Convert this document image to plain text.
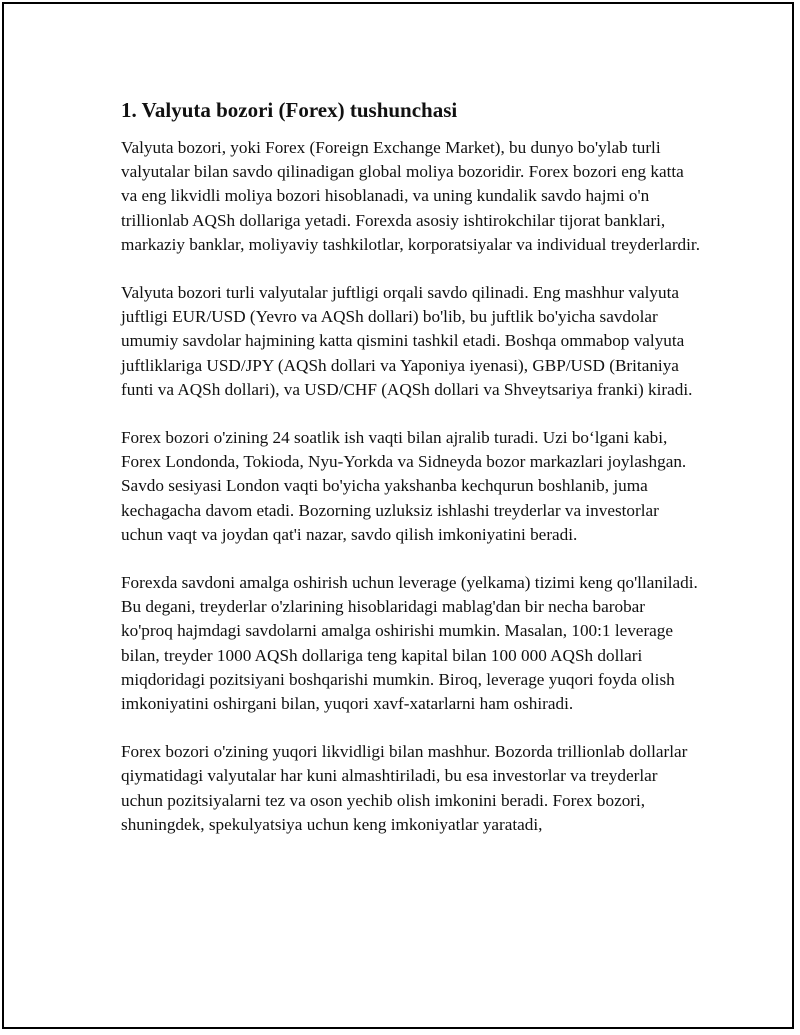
1. Valyuta bozori (Forex) tushunchasi

Valyuta bozori, yoki Forex (Foreign Exchange Market), bu dunyo bo'ylab turli valyutalar bilan savdo qilinadigan global moliya bozoridir. Forex bozori eng katta va eng likvidli moliya bozori hisoblanadi, va uning kundalik savdo hajmi o'n trillionlab AQSh dollariga yetadi. Forexda asosiy ishtirokchilar tijorat banklari, markaziy banklar, moliyaviy tashkilotlar, korporatsiyalar va individual treyderlardir.

Valyuta bozori turli valyutalar juftligi orqali savdo qilinadi. Eng mashhur valyuta juftligi EUR/USD (Yevro va AQSh dollari) bo'lib, bu juftlik bo'yicha savdolar umumiy savdolar hajmining katta qismini tashkil etadi. Boshqa ommabop valyuta juftliklariga USD/JPY (AQSh dollari va Yaponiya iyenasi), GBP/USD (Britaniya funti va AQSh dollari), va USD/CHF (AQSh dollari va Shveytsariya franki) kiradi.

Forex bozori o'zining 24 soatlik ish vaqti bilan ajralib turadi. Uzi bo‘lgani kabi, Forex Londonda, Tokioda, Nyu-Yorkda va Sidneyda bozor markazlari joylashgan. Savdo sesiyasi London vaqti bo'yicha yakshanba kechqurun boshlanib, juma kechagacha davom etadi. Bozorning uzluksiz ishlashi treyderlar va investorlar uchun vaqt va joydan qat'i nazar, savdo qilish imkoniyatini beradi.

Forexda savdoni amalga oshirish uchun leverage (yelkama) tizimi keng qo'llaniladi. Bu degani, treyderlar o'zlarining hisoblaridagi mablag'dan bir necha barobar ko'proq hajmdagi savdolarni amalga oshirishi mumkin. Masalan, 100:1 leverage bilan, treyder 1000 AQSh dollariga teng kapital bilan 100 000 AQSh dollari miqdoridagi pozitsiyani boshqarishi mumkin. Biroq, leverage yuqori foyda olish imkoniyatini oshirgani bilan, yuqori xavf-xatarlarni ham oshiradi.

Forex bozori o'zining yuqori likvidligi bilan mashhur. Bozorda trillionlab dollarlar qiymatidagi valyutalar har kuni almashtiriladi, bu esa investorlar va treyderlar uchun pozitsiyalarni tez va oson yechib olish imkonini beradi. Forex bozori, shuningdek, spekulyatsiya uchun keng imkoniyatlar yaratadi,
